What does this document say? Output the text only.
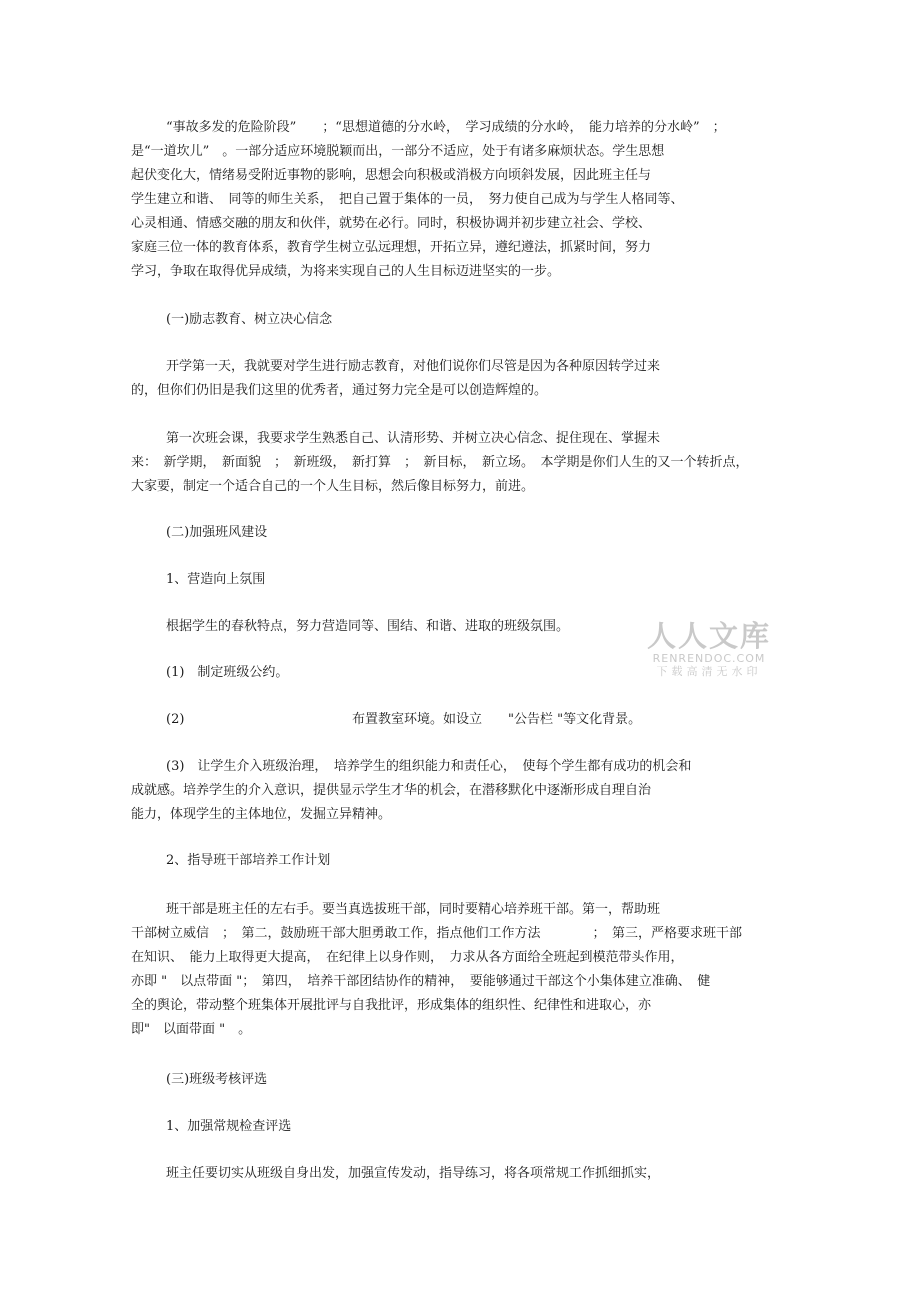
“事故多发的危险阶段”　　；“思想道德的分水岭，　学习成绩的分水岭，　能力培养的分水岭”　；
是“一道坎儿”　。一部分适应环境脱颖而出，一部分不适应，处于有诸多麻烦状态。学生思想
起伏变化大，情绪易受附近事物的影响，思想会向积极或消极方向顷斜发展，因此班主任与
学生建立和谐、　同等的师生关系，　把自己置于集体的一员，　努力使自己成为与学生人格同等、
心灵相通、情感交融的朋友和伙伴，就势在必行。同时，积极协调并初步建立社会、学校、
家庭三位一体的教育体系，教育学生树立弘远理想，开拓立异，遵纪遵法，抓紧时间，努力
学习，争取在取得优异成绩，为将来实现自己的人生目标迈进坚实的一步。
(一)励志教育、树立决心信念
开学第一天，我就要对学生进行励志教育，对他们说你们尽管是因为各种原因转学过来
的，但你们仍旧是我们这里的优秀者，通过努力完全是可以创造辉煌的。
第一次班会课，我要求学生熟悉自己、认清形势、并树立决心信念、捉住现在、掌握未
来：　新学期，　新面貌　；　新班级，　新打算　；　新目标，　新立场。　本学期是你们人生的又一个转折点，
大家要，制定一个适合自己的一个人生目标，然后像目标努力，前进。
(二)加强班风建设
1、营造向上氛围
根据学生的春秋特点，努力营造同等、围结、和谐、进取的班级氛围。
(1)　制定班级公约。
(2)	布置教室环境。如设立　　"公告栏 "等文化背景。
(3)　让学生介入班级治理，　培养学生的组织能力和责任心，　使每个学生都有成功的机会和
成就感。培养学生的介入意识，提供显示学生才华的机会，在潜移默化中逐渐形成自理自治
能力，体现学生的主体地位，发掘立异精神。
2、指导班干部培养工作计划
班干部是班主任的左右手。要当真选拔班干部，同时要精心培养班干部。第一，帮助班
干部树立威信　；　第二，鼓励班干部大胆勇敢工作，指点他们工作方法　　　　；　第三，严格要求班干部
在知识、　能力上取得更大提高，　在纪律上以身作则，　力求从各方面给全班起到模范带头作用，
亦即 "　以点带面 "；　第四，　培养干部团结协作的精神，　要能够通过干部这个小集体建立准确、　健
全的舆论，带动整个班集体开展批评与自我批评，形成集体的组织性、纪律性和进取心，亦
即"　以面带面 "　。
(三)班级考核评选
1、加强常规检查评选
班主任要切实从班级自身出发，加强宣传发动，指导练习，将各项常规工作抓细抓实，
人人文库
RENRENDOC.COM
下载高清无水印
